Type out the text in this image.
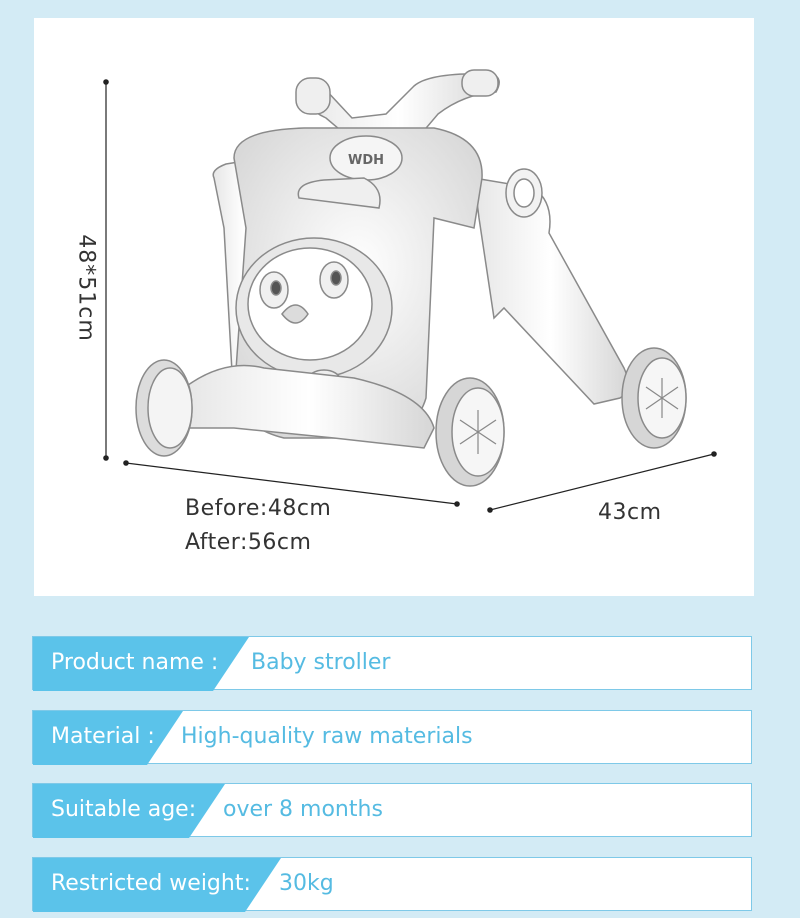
WDH
48*51cm
Before:48cm
After:56cm
43cm
Product name : Baby stroller
Material : High-quality raw materials
Suitable age: over 8 months
Restricted weight: 30kg
